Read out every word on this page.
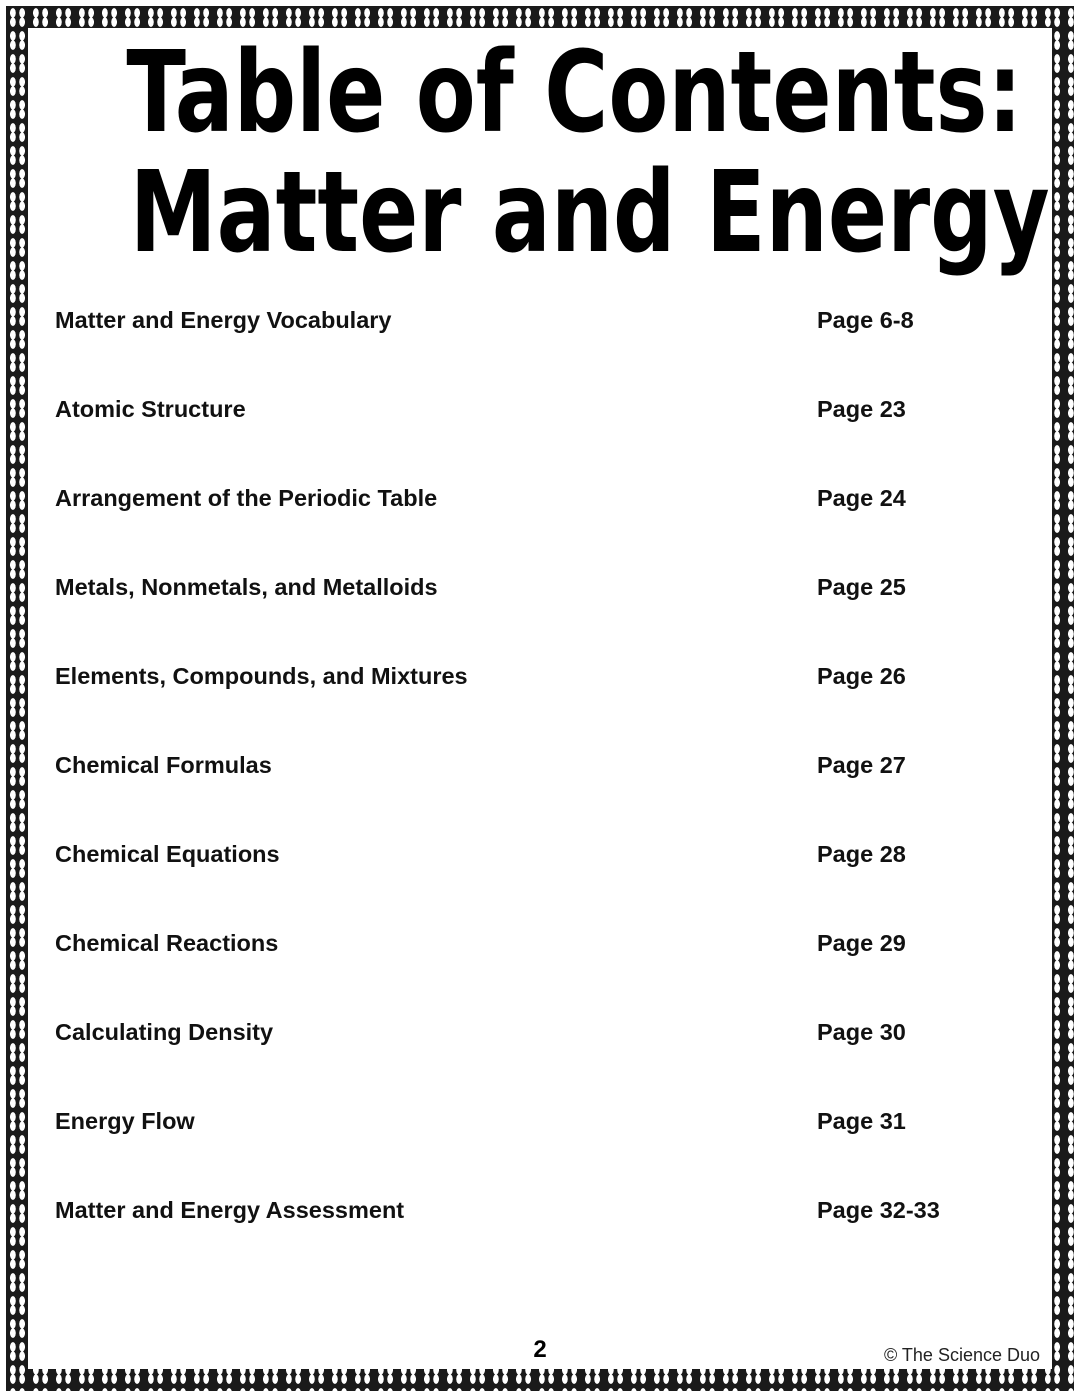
Table of Contents:
Matter and Energy
Matter and Energy Vocabulary	Page 6-8
Atomic Structure	Page 23
Arrangement of the Periodic Table	Page 24
Metals, Nonmetals, and Metalloids	Page 25
Elements, Compounds, and Mixtures	Page 26
Chemical Formulas	Page 27
Chemical Equations	Page 28
Chemical Reactions	Page 29
Calculating Density	Page 30
Energy Flow	Page 31
Matter and Energy Assessment	Page 32-33
2	© The Science Duo
